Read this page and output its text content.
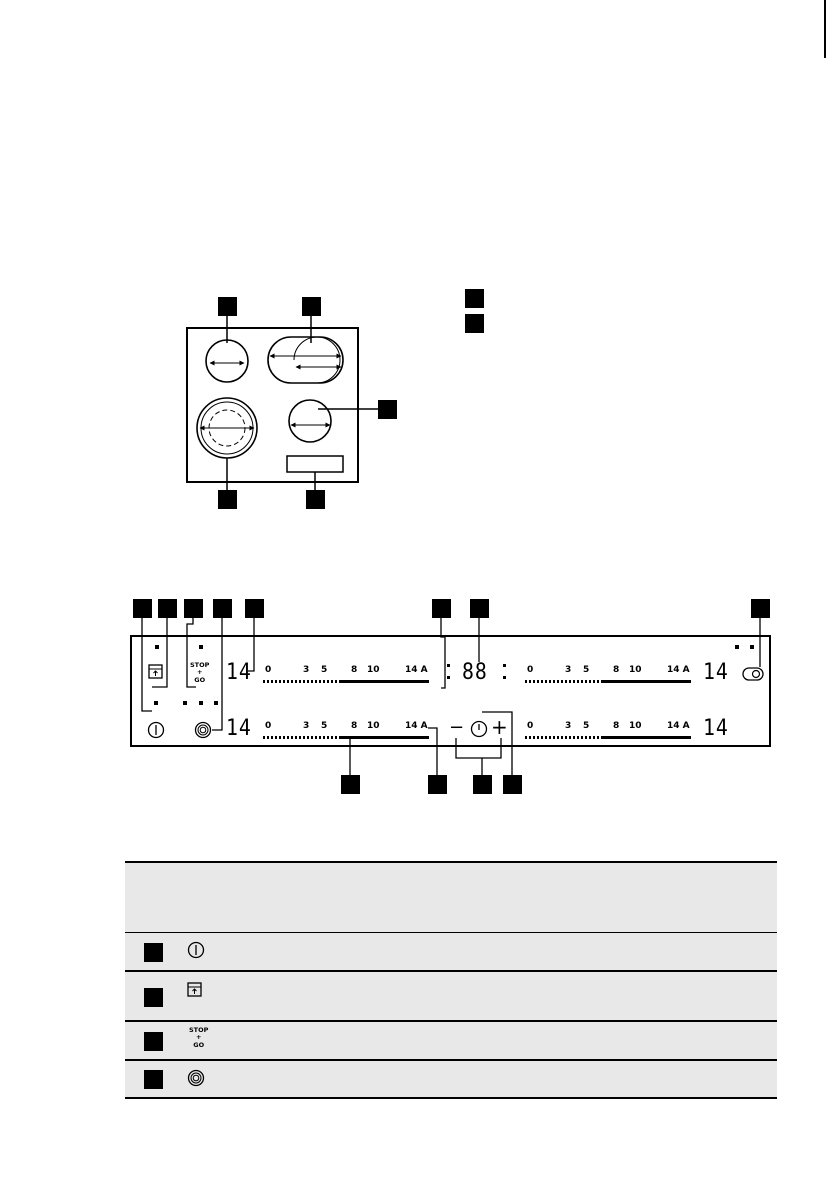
STOP
+
GO 14
14
14
14
88
0	3 5	8 10	14 A
0	3 5	8 10	14 A
0	3 5	8 10	14 A
0	3 5	8 10	14 A
− +
STOP
+
GO
